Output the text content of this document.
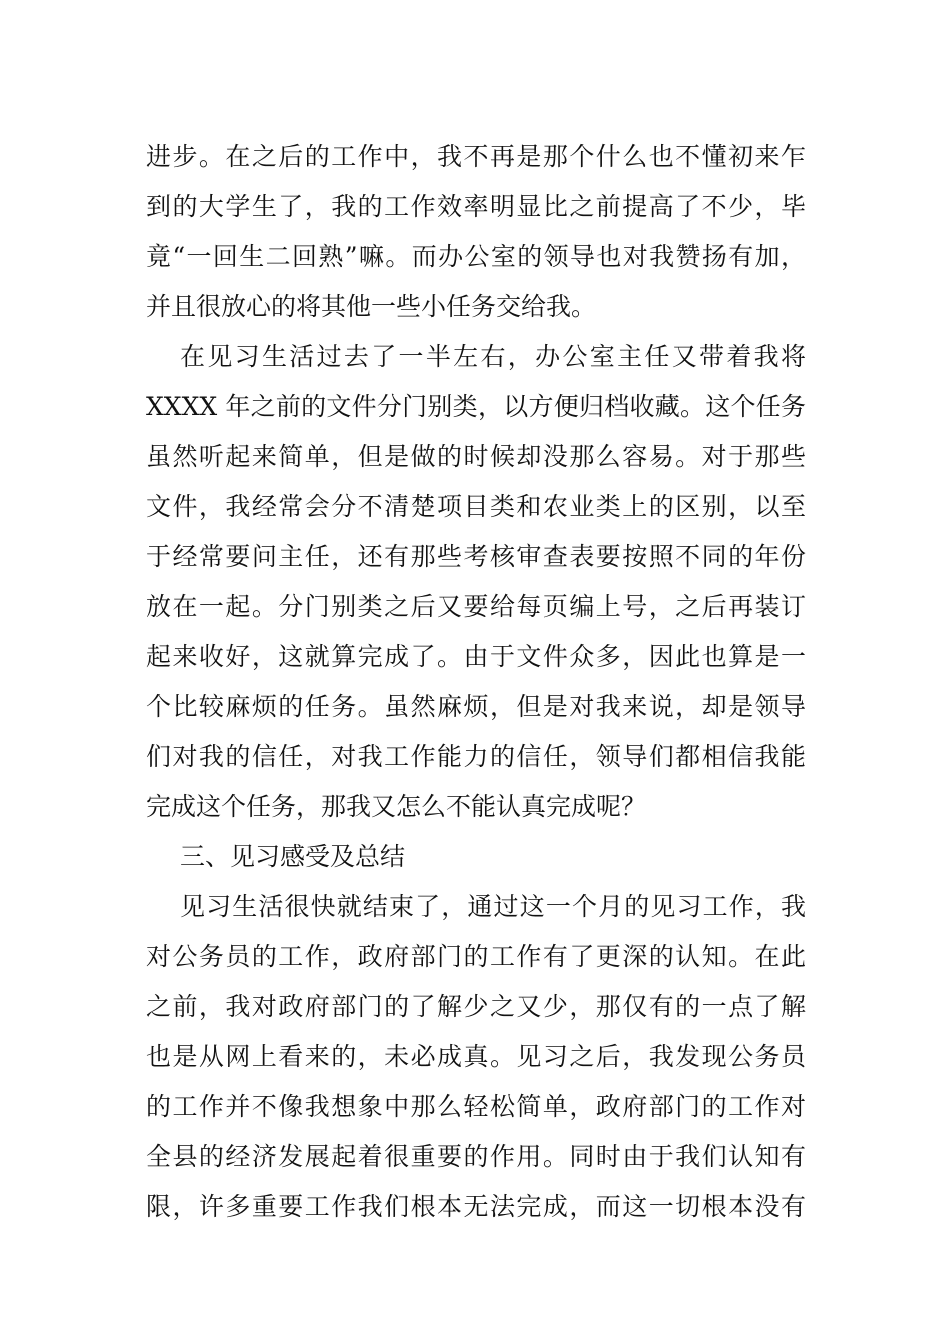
进步。在之后的工作中，我不再是那个什么也不懂初来乍
到的大学生了，我的工作效率明显比之前提高了不少，毕
竟“一回生二回熟”嘛。而办公室的领导也对我赞扬有加，
并且很放心的将其他一些小任务交给我。
在见习生活过去了一半左右，办公室主任又带着我将
XXXX 年之前的文件分门别类，以方便归档收藏。这个任务
虽然听起来简单，但是做的时候却没那么容易。对于那些
文件，我经常会分不清楚项目类和农业类上的区别，以至
于经常要问主任，还有那些考核审查表要按照不同的年份
放在一起。分门别类之后又要给每页编上号，之后再装订
起来收好，这就算完成了。由于文件众多，因此也算是一
个比较麻烦的任务。虽然麻烦，但是对我来说，却是领导
们对我的信任，对我工作能力的信任，领导们都相信我能
完成这个任务，那我又怎么不能认真完成呢？
三、见习感受及总结
见习生活很快就结束了，通过这一个月的见习工作，我
对公务员的工作，政府部门的工作有了更深的认知。在此
之前，我对政府部门的了解少之又少，那仅有的一点了解
也是从网上看来的，未必成真。见习之后，我发现公务员
的工作并不像我想象中那么轻松简单，政府部门的工作对
全县的经济发展起着很重要的作用。同时由于我们认知有
限，许多重要工作我们根本无法完成，而这一切根本没有
